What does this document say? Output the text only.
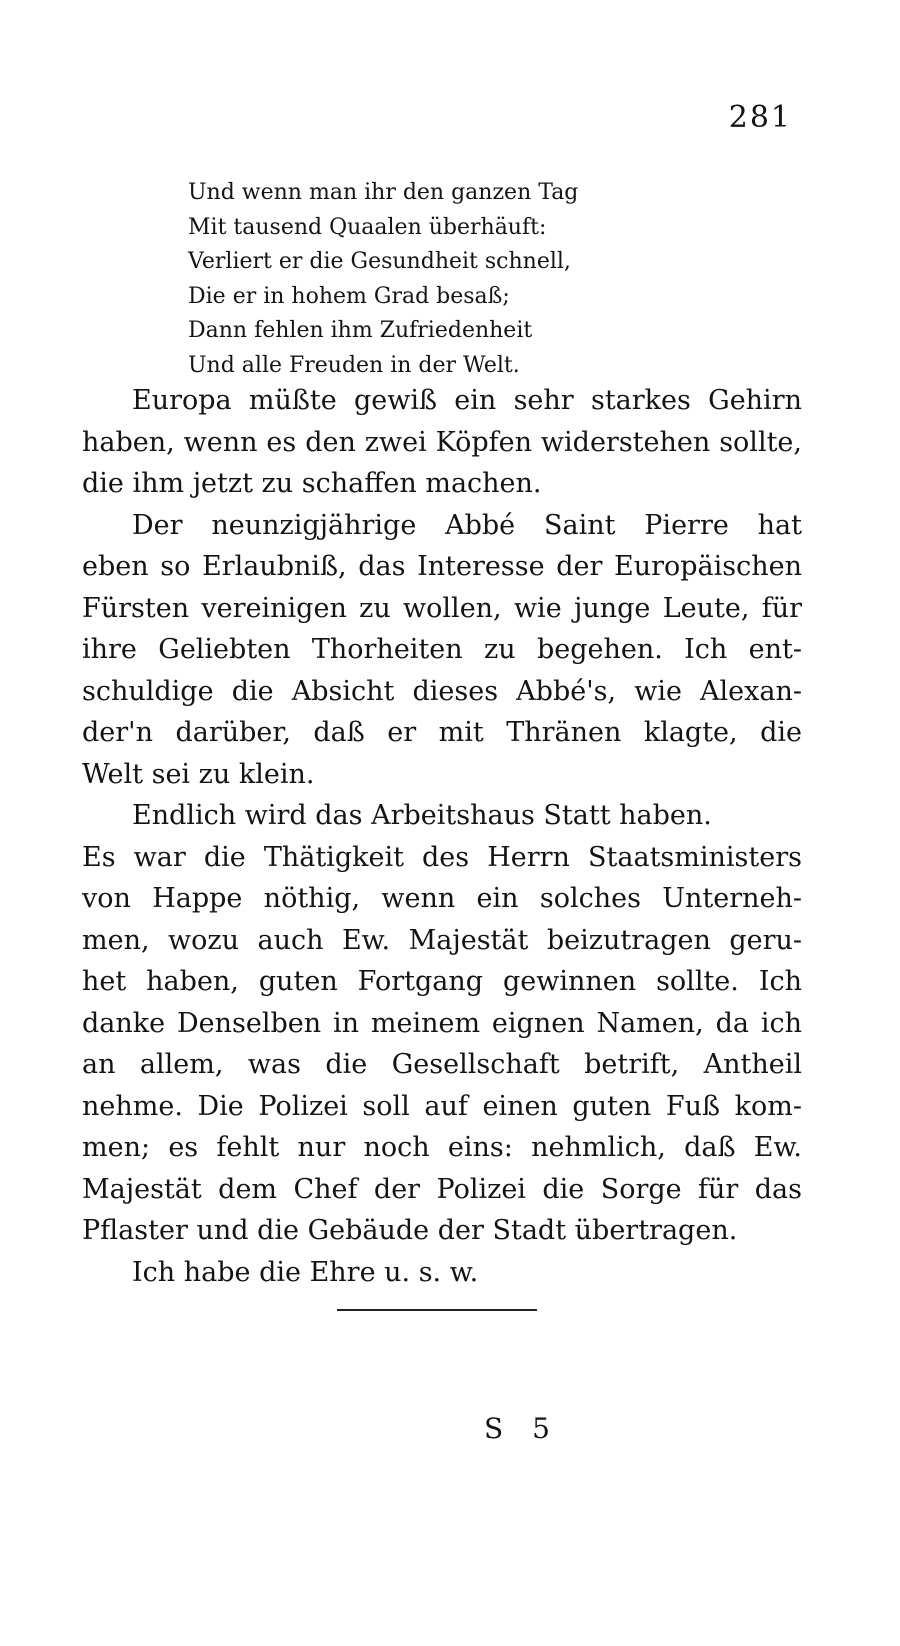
281
Und wenn man ihr den ganzen Tag
Mit tausend Quaalen überhäuft:
Verliert er die Gesundheit schnell,
Die er in hohem Grad besaß;
Dann fehlen ihm Zufriedenheit
Und alle Freuden in der Welt.
Europa müßte gewiß ein sehr starkes Gehirn
haben, wenn es den zwei Köpfen widerstehen sollte,
die ihm jetzt zu schaffen machen.
Der neunzigjährige Abbé Saint Pierre hat
eben so Erlaubniß, das Interesse der Europäischen
Fürsten vereinigen zu wollen, wie junge Leute, für
ihre Geliebten Thorheiten zu begehen. Ich ent-
schuldige die Absicht dieses Abbé's, wie Alexan-
der'n darüber, daß er mit Thränen klagte, die
Welt sei zu klein.
Endlich wird das Arbeitshaus Statt haben.
Es war die Thätigkeit des Herrn Staatsministers
von Happe nöthig, wenn ein solches Unterneh-
men, wozu auch Ew. Majestät beizutragen geru-
het haben, guten Fortgang gewinnen sollte. Ich
danke Denselben in meinem eignen Namen, da ich
an allem, was die Gesellschaft betrift, Antheil
nehme. Die Polizei soll auf einen guten Fuß kom-
men; es fehlt nur noch eins: nehmlich, daß Ew.
Majestät dem Chef der Polizei die Sorge für das
Pflaster und die Gebäude der Stadt übertragen.
Ich habe die Ehre u. s. w.
S 5
